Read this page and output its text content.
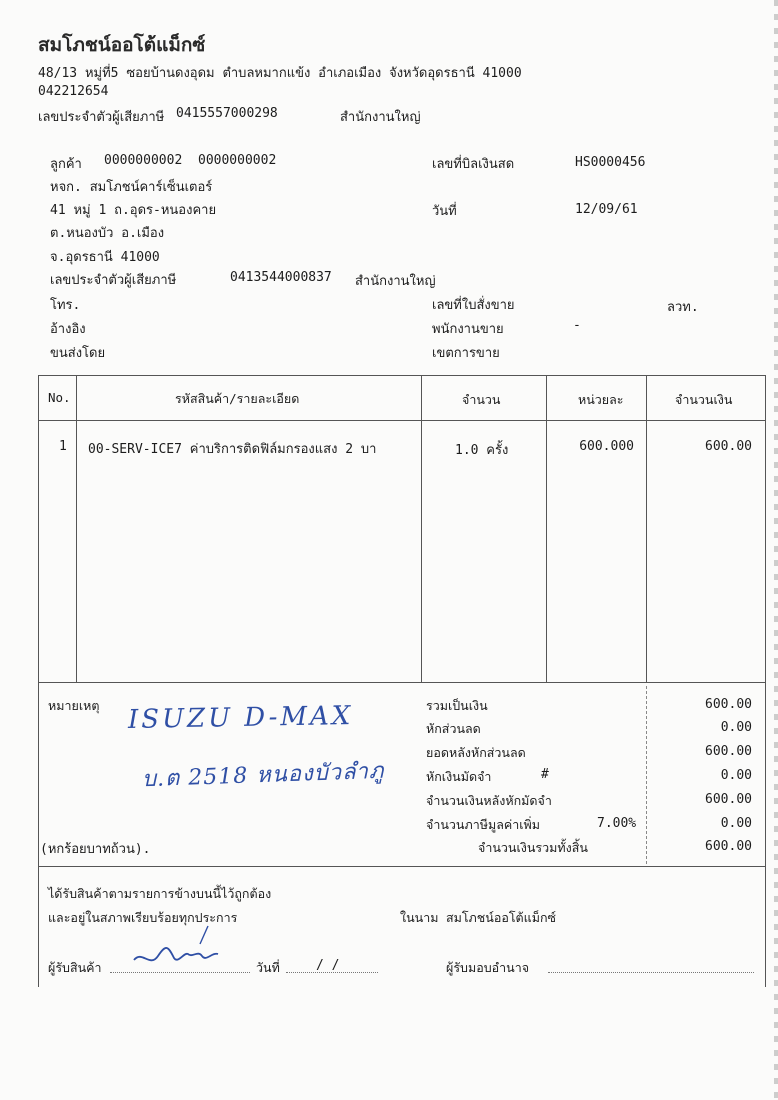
สมโภชน์ออโต้แม็กซ์
48/13 หมู่ที่5 ซอยบ้านดงอุดม ตำบลหมากแข้ง อำเภอเมือง จังหวัดอุดรธานี 41000
042212654
เลขประจำตัวผู้เสียภาษี 0415557000298	สำนักงานใหญ่
ลูกค้า 0000000002 0000000002
หจก. สมโภชน์คาร์เซ็นเตอร์
41 หมู่ 1 ถ.อุดร-หนองคาย
ต.หนองบัว อ.เมือง
จ.อุดรธานี 41000
เลขประจำตัวผู้เสียภาษี	0413544000837 สำนักงานใหญ่
โทร.
อ้างอิง
ขนส่งโดย
เลขที่บิลเงินสด	HS0000456
วันที่	12/09/61
เลขที่ใบสั่งขาย	ลวท.
พนักงานขาย	-
เขตการขาย
No.	รหัสสินค้า/รายละเอียด	จำนวน	หน่วยละ	จำนวนเงิน
1 00-SERV-ICE7 ค่าบริการติดฟิล์มกรองแสง 2 บา	1.0 ครั้ง	600.000	600.00
หมายเหตุ ISUZU D-MAX
บ.ต 2518 หนองบัวลำภู
(หกร้อยบาทถ้วน).
รวมเป็นเงิน	600.00
หักส่วนลด	0.00
ยอดหลังหักส่วนลด	600.00
หักเงินมัดจำ	#	0.00
จำนวนเงินหลังหักมัดจำ	600.00
จำนวนภาษีมูลค่าเพิ่ม	7.00%	0.00
จำนวนเงินรวมทั้งสิ้น	600.00
ได้รับสินค้าตามรายการข้างบนนี้ไว้ถูกต้อง
และอยู่ในสภาพเรียบร้อยทุกประการ	ในนาม สมโภชน์ออโต้แม็กซ์
ผู้รับสินค้า	วันที่	/ /	ผู้รับมอบอำนาจ
